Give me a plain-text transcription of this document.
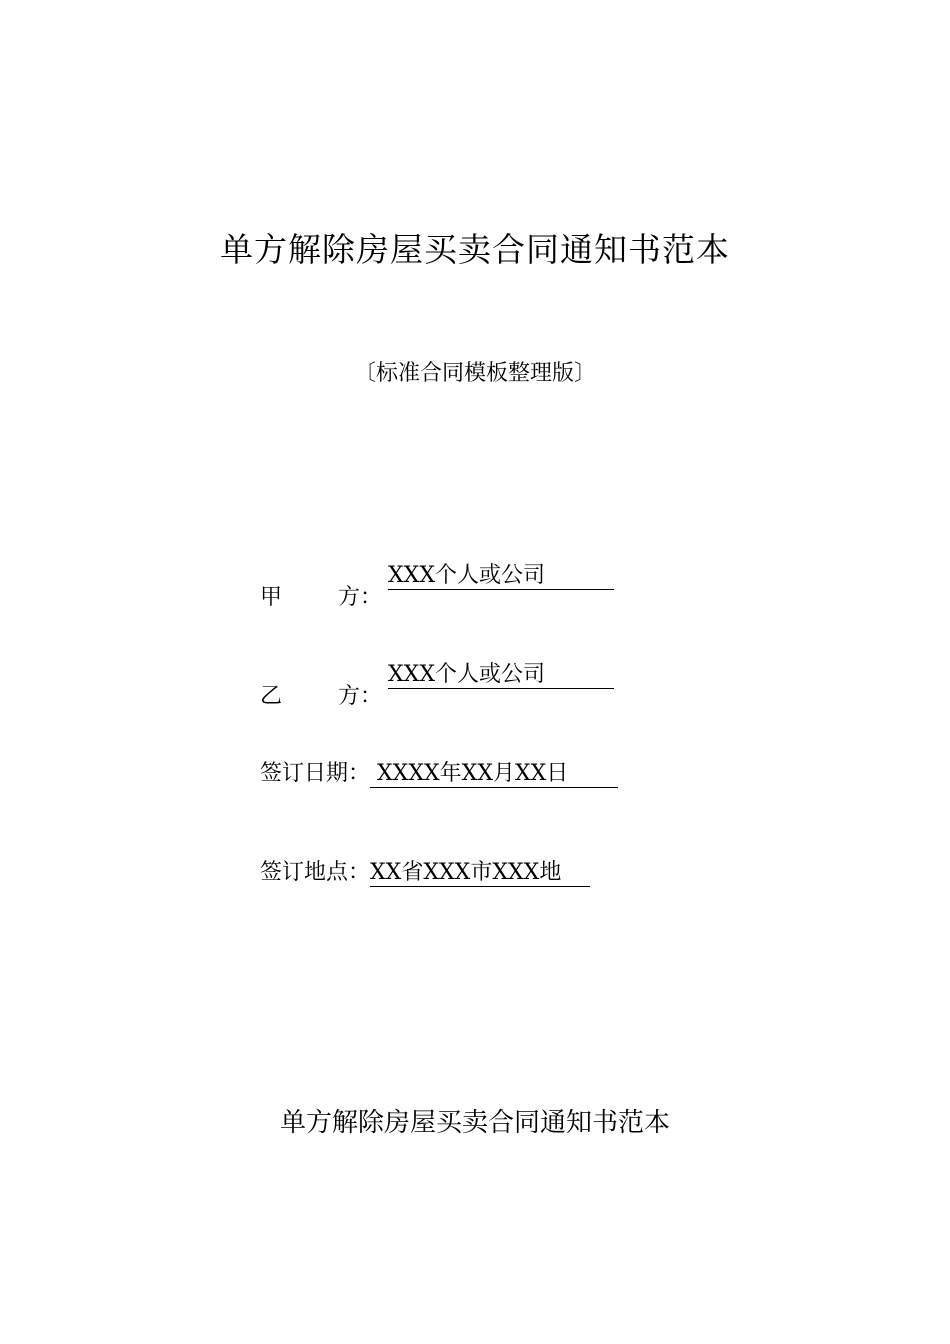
单方解除房屋买卖合同通知书范本
〔标准合同模板整理版〕
甲	方：
XXX个人或公司
乙	方：
XXX个人或公司
签订日期： XXXX年XX月XX日
签订地点：XX省XXX市XXX地
单方解除房屋买卖合同通知书范本
